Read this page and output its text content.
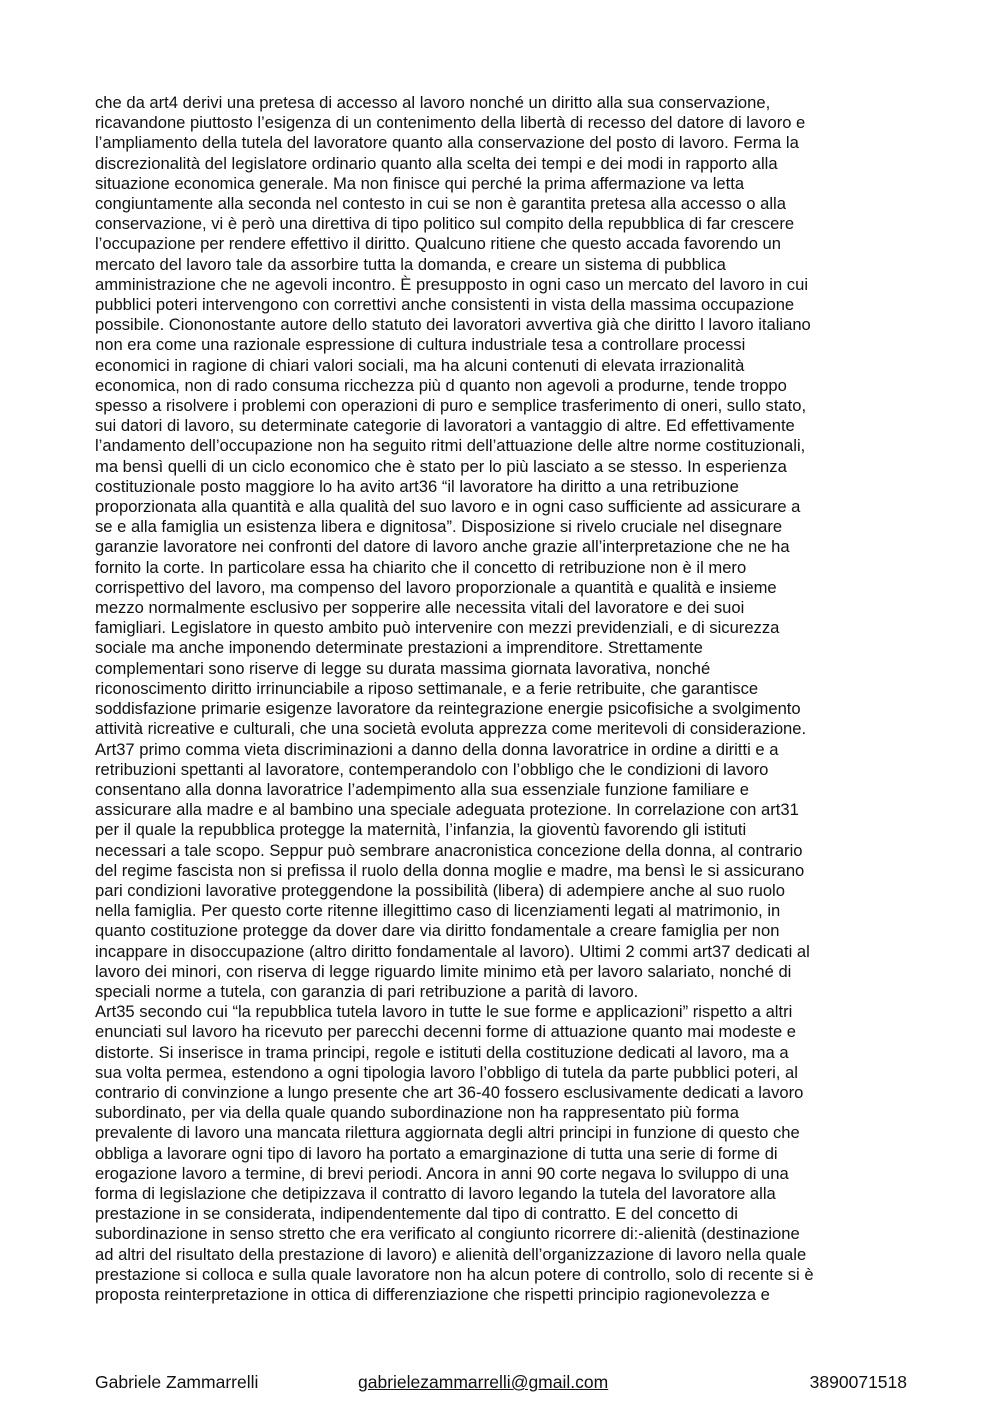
che da art4 derivi una pretesa di accesso al lavoro nonché un diritto alla sua conservazione,
ricavandone piuttosto l’esigenza di un contenimento della libertà di recesso del datore di lavoro e
l’ampliamento della tutela del lavoratore quanto alla conservazione del posto di lavoro. Ferma la
discrezionalità del legislatore ordinario quanto alla scelta dei tempi e dei modi in rapporto alla
situazione economica generale. Ma non finisce qui perché la prima affermazione va letta
congiuntamente alla seconda nel contesto in cui se non è garantita pretesa alla accesso o alla
conservazione, vi è però una direttiva di tipo politico sul compito della repubblica di far crescere
l’occupazione per rendere effettivo il diritto. Qualcuno ritiene che questo accada favorendo un
mercato del lavoro tale da assorbire tutta la domanda, e creare un sistema di pubblica
amministrazione che ne agevoli incontro. È presupposto in ogni caso un mercato del lavoro in cui
pubblici poteri intervengono con correttivi anche consistenti in vista della massima occupazione
possibile. Ciononostante autore dello statuto dei lavoratori avvertiva già che diritto l lavoro italiano
non era come una razionale espressione di cultura industriale tesa a controllare processi
economici in ragione di chiari valori sociali, ma ha alcuni contenuti di elevata irrazionalità
economica, non di rado consuma ricchezza più d quanto non agevoli a produrne, tende troppo
spesso a risolvere i problemi con operazioni di puro e semplice trasferimento di oneri, sullo stato,
sui datori di lavoro, su determinate categorie di lavoratori a vantaggio di altre. Ed effettivamente
l’andamento dell’occupazione non ha seguito ritmi dell’attuazione delle altre norme costituzionali,
ma bensì quelli di un ciclo economico che è stato per lo più lasciato a se stesso. In esperienza
costituzionale posto maggiore lo ha avito art36 “il lavoratore ha diritto a una retribuzione
proporzionata alla quantità e alla qualità del suo lavoro e in ogni caso sufficiente ad assicurare a
se e alla famiglia un esistenza libera e dignitosa”. Disposizione si rivelo cruciale nel disegnare
garanzie lavoratore nei confronti del datore di lavoro anche grazie all’interpretazione che ne ha
fornito la corte. In particolare essa ha chiarito che il concetto di retribuzione non è il mero
corrispettivo del lavoro, ma compenso del lavoro proporzionale a quantità e qualità e insieme
mezzo normalmente esclusivo per sopperire alle necessita vitali del lavoratore e dei suoi
famigliari. Legislatore in questo ambito può intervenire con mezzi previdenziali, e di sicurezza
sociale ma anche imponendo determinate prestazioni a imprenditore. Strettamente
complementari sono riserve di legge su durata massima giornata lavorativa, nonché
riconoscimento diritto irrinunciabile a riposo settimanale, e a ferie retribuite, che garantisce
soddisfazione primarie esigenze lavoratore da reintegrazione energie psicofisiche a svolgimento
attività ricreative e culturali, che una società evoluta apprezza come meritevoli di considerazione.
Art37 primo comma vieta discriminazioni a danno della donna lavoratrice in ordine a diritti e a
retribuzioni spettanti al lavoratore, contemperandolo con l’obbligo che le condizioni di lavoro
consentano alla donna lavoratrice l’adempimento alla sua essenziale funzione familiare e
assicurare alla madre e al bambino una speciale adeguata protezione. In correlazione con art31
per il quale la repubblica protegge la maternità, l’infanzia, la gioventù favorendo gli istituti
necessari a tale scopo. Seppur può sembrare anacronistica concezione della donna, al contrario
del regime fascista non si prefissa il ruolo della donna moglie e madre, ma bensì le si assicurano
pari condizioni lavorative proteggendone la possibilità (libera) di adempiere anche al suo ruolo
nella famiglia. Per questo corte ritenne illegittimo caso di licenziamenti legati al matrimonio, in
quanto costituzione protegge da dover dare via diritto fondamentale a creare famiglia per non
incappare in disoccupazione (altro diritto fondamentale al lavoro). Ultimi 2 commi art37 dedicati al
lavoro dei minori, con riserva di legge riguardo limite minimo età per lavoro salariato, nonché di
speciali norme a tutela, con garanzia di pari retribuzione a parità di lavoro.
Art35 secondo cui “la repubblica tutela lavoro in tutte le sue forme e applicazioni” rispetto a altri
enunciati sul lavoro ha ricevuto per parecchi decenni forme di attuazione quanto mai modeste e
distorte. Si inserisce in trama principi, regole e istituti della costituzione dedicati al lavoro, ma a
sua volta permea, estendono a ogni tipologia lavoro l’obbligo di tutela da parte pubblici poteri, al
contrario di convinzione a lungo presente che art 36-40 fossero esclusivamente dedicati a lavoro
subordinato, per via della quale quando subordinazione non ha rappresentato più forma
prevalente di lavoro una mancata rilettura aggiornata degli altri principi in funzione di questo che
obbliga a lavorare ogni tipo di lavoro ha portato a emarginazione di tutta una serie di forme di
erogazione lavoro a termine, di brevi periodi. Ancora in anni 90 corte negava lo sviluppo di una
forma di legislazione che detipizzava il contratto di lavoro legando la tutela del lavoratore alla
prestazione in se considerata, indipendentemente dal tipo di contratto. E del concetto di
subordinazione in senso stretto che era verificato al congiunto ricorrere di:-alienità (destinazione
ad altri del risultato della prestazione di lavoro) e alienità dell’organizzazione di lavoro nella quale
prestazione si colloca e sulla quale lavoratore non ha alcun potere di controllo, solo di recente si è
proposta reinterpretazione in ottica di differenziazione che rispetti principio ragionevolezza e
Gabriele Zammarrelli	gabrielezammarrelli@gmail.com	3890071518
